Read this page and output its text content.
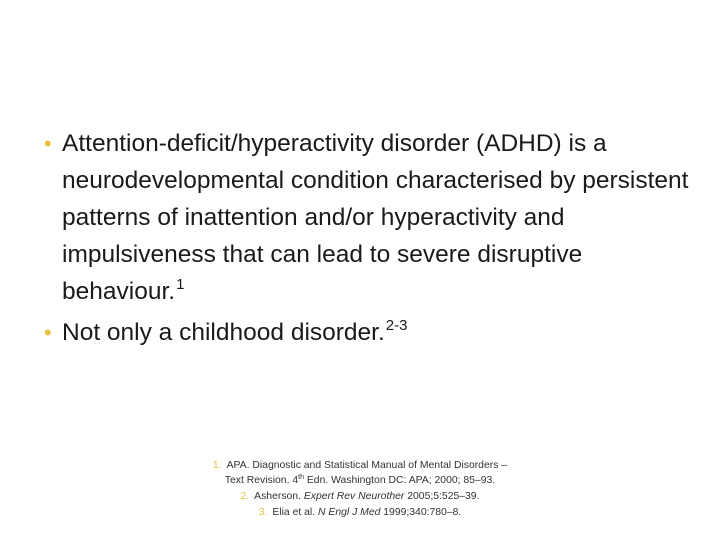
• Attention-deficit/hyperactivity disorder (ADHD) is a neurodevelopmental condition characterised by persistent patterns of inattention and/or hyperactivity and impulsiveness that can lead to severe disruptive behaviour.$^1$
• Not only a childhood disorder.$^{2-3}$
1. APA. Diagnostic and Statistical Manual of Mental Disorders –
Text Revision. 4th Edn. Washington DC: APA; 2000; 85–93.
2. Asherson. Expert Rev Neurother 2005;5:525–39.
3. Elia et al. N Engl J Med 1999;340:780–8.
